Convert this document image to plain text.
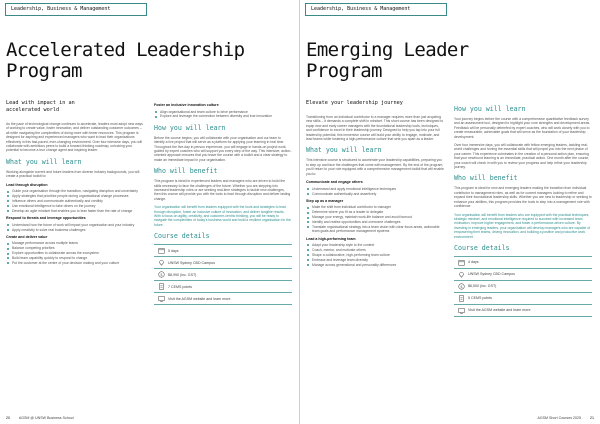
Leadership, Business & Management
Accelerated Leadership
Program
Lead with impact in an
accelerated world

As the pace of technological change continues to accelerate, leaders must adopt new ways of working to create value, foster innovation, and deliver outstanding customer outcomes – all while navigating the complexities of doing more with fewer resources. This program is designed for aspiring and experienced managers who want to lead their organisations effectively in this fast-paced, ever-changing environment. Over four intensive days, you will collaborate with ambitious peers to build a forward-thinking roadmap, unlocking your potential to become a true change agent and inspiring leader.

What you will learn

Working alongside current and future leaders from diverse industry backgrounds, you will create a practical toolkit to:

Lead through disruption
Guide your organisation through the transition, navigating disruption and uncertainty
Apply strategies that prioritise people during organisational change processes
Influence others and communicate authentically and credibly
Use emotional intelligence to take others on the journey
Develop an agile mindset that enables you to lean faster than the rate of change
Respond to threats and leverage opportunities
Understand how the future of work will impact your organisation and your industry
Apply creativity to solve real business challenges
Create and deliver value
Manage performance across multiple teams
Balance competing priorities
Explore opportunities to collaborate across the ecosystem
Build team capability quickly to respond to change
Put the customer at the centre of your decision making and your culture
Foster an inclusive innovation culture
Align organisational and team culture to drive performance
Explore and leverage the connection between diversity and true innovation
How you will learn

Before the course begins, you will collaborate with your organisation and our team to identify a live project that will serve as a platform for applying your learning in real time. Throughout the five-day in-person experience, you will engage in hands-on project work, guided by expert coaches who will support you every step of the way. This intensive, action-oriented approach ensures that you leave the course with a toolkit and a clear strategy to make an immediate impact in your organisation.

Who will benefit

This program is ideal for experienced leaders and managers who are driven to build the skills necessary to face the challenges of the future. Whether you are stepping into increased leadership roles or are seeking real-time strategies to tackle new challenges, then this course will provide you with the tools to lead through disruption and deliver lasting change.

Your organisation will benefit from leaders equipped with the tools and strategies to lead through disruption, foster an inclusive culture of innovation, and deliver tangible results. With a focus on agility, creativity, and customer-centric thinking, you will be ready to navigate the complexities of today's business world and build a resilient organisation for the future.

Course details
5 days
UNSW Sydney CBD Campus
$ $8,990 (inc. GST)
7 CEMS points
Visit the AGSM website and learn more
20 AGSM @ UNSW Business School
Leadership, Business & Management
Emerging Leader
Program
Elevate your leadership journey

Transitioning from an individual contributor to a manager requires more than just acquiring new skills – it demands a complete shift in mindset. This short course has been designed to equip new and early career managers with the foundational leadership tools, techniques, and confidence to excel in their leadership journey. Designed to help you tap into your full leadership potential, this immersive course will build your ability to engage, motivate, and lead teams while fostering a high-performance culture that sets you apart as a leader.

What you will learn

This intensive course is structured to accelerate your leadership capabilities, preparing you to step up and face the challenges that come with management. By the end of the program, you'll return to your role equipped with a comprehensive management toolkit that will enable you to:

Communicate and engage others
Understand and apply emotional intelligence techniques
Communicate authentically and assertively
Step up as a manager
Make the shift from individual contributor to manager
Determine where you fit as a leader to delegate
Manage your energy, maintain work-life balance and avoid burnout
Identify and realise opportunities and overcome challenges
Translate organisational strategy into a team vision with clear focus areas, actionable team goals and performance management systems
Lead a high-performing team
Adapt your leadership style to the context
Coach, mentor, and motivate others
Shape a collaborative, high-performing team culture
Embrace and leverage team diversity
Manage across generational and personality differences
How you will learn

Your journey begins before the course with a comprehensive quantitative feedback survey and an assessment tool, designed to highlight your core strengths and development areas. Feedback will be personally debriefed by expert coaches, who will work closely with you to create measurable, achievable goals that will serve as the foundation of your leadership development.

Over four immersive days, you will collaborate with fellow emerging leaders, tackling real-world challenges and honing the essential skills that will propel you into the next phase of your career. This experience culminates in the creation of a personal action plan, ensuring that your newfound learning is an immediate, practical action. One month after the course, your coach will check in with you to review your progress and help refine your leadership journey.

Who will benefit

This program is ideal for new and emerging leaders making the transition from individual contributor to management roles, as well as for current managers looking to refine and expand their foundational leadership skills. Whether you are new to leadership or seeking to enhance your abilities, this program provides the tools to step into a management role with confidence.

Your organisation will benefit from leaders who are equipped with the practical techniques, strategic mindset, and emotional intelligence required to succeed with increased team motivation, improve higher engagement, and foster a performance-driven culture. By investing in emerging leaders, your organisation will develop managers who are capable of empowering their teams, driving innovation, and building a positive and productive work environment.

Course details
4 days
UNSW Sydney CBD Campus
$ $6,500 (inc. GST)
5 CEMS points
Visit the AGSM website and learn more
AGSM Short Courses 2025	21
